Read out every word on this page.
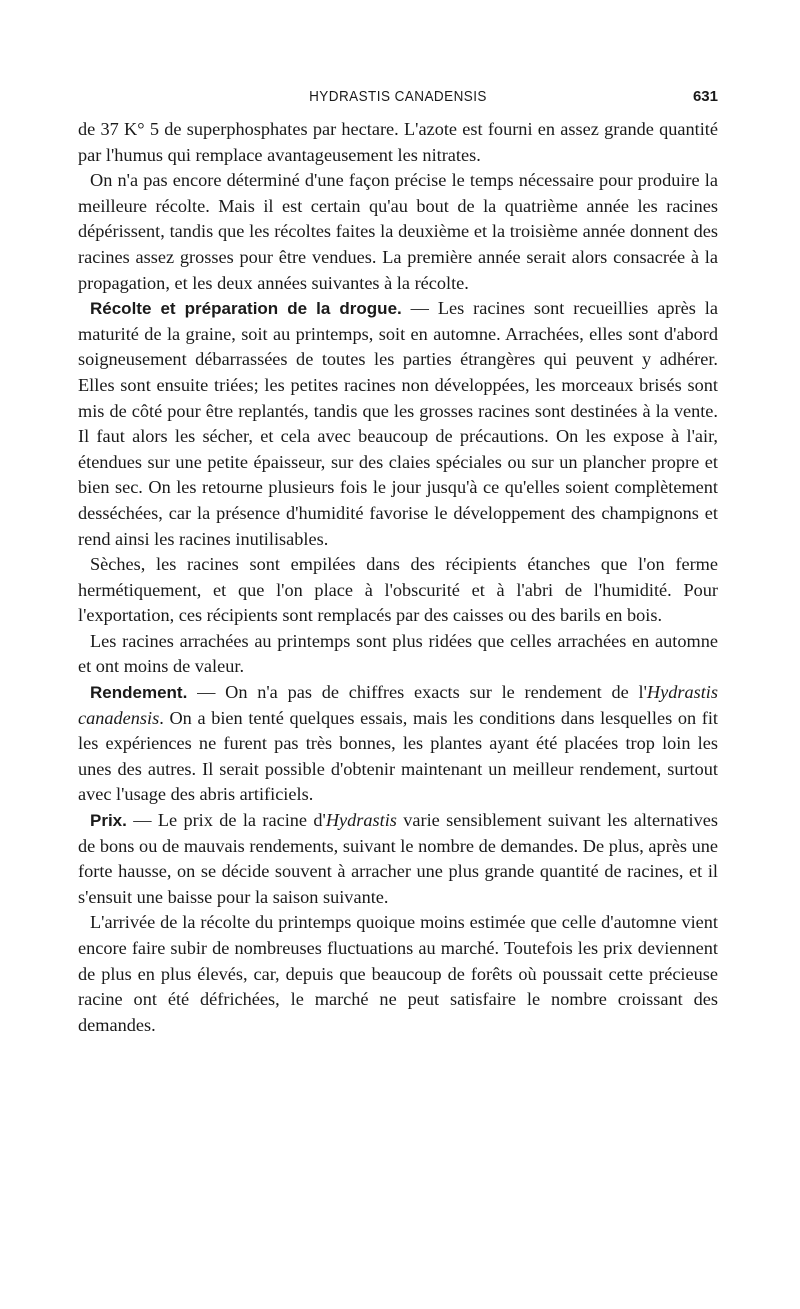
HYDRASTIS CANADENSIS	631

de 37 K° 5 de superphosphates par hectare. L'azote est fourni en assez grande quantité par l'humus qui remplace avantageusement les nitrates.

On n'a pas encore déterminé d'une façon précise le temps nécessaire pour produire la meilleure récolte. Mais il est certain qu'au bout de la quatrième année les racines dépérissent, tandis que les récoltes faites la deuxième et la troisième année donnent des racines assez grosses pour être vendues. La première année serait alors consacrée à la propagation, et les deux années suivantes à la récolte.

Récolte et préparation de la drogue. — Les racines sont recueillies après la maturité de la graine, soit au printemps, soit en automne. Arrachées, elles sont d'abord soigneusement débarrassées de toutes les parties étrangères qui peuvent y adhérer. Elles sont ensuite triées; les petites racines non développées, les morceaux brisés sont mis de côté pour être replantés, tandis que les grosses racines sont destinées à la vente. Il faut alors les sécher, et cela avec beaucoup de précautions. On les expose à l'air, étendues sur une petite épaisseur, sur des claies spéciales ou sur un plancher propre et bien sec. On les retourne plusieurs fois le jour jusqu'à ce qu'elles soient complètement desséchées, car la présence d'humidité favorise le développement des champignons et rend ainsi les racines inutilisables.

Sèches, les racines sont empilées dans des récipients étanches que l'on ferme hermétiquement, et que l'on place à l'obscurité et à l'abri de l'humidité. Pour l'exportation, ces récipients sont remplacés par des caisses ou des barils en bois.

Les racines arrachées au printemps sont plus ridées que celles arrachées en automne et ont moins de valeur.

Rendement. — On n'a pas de chiffres exacts sur le rendement de l'Hydrastis canadensis. On a bien tenté quelques essais, mais les conditions dans lesquelles on fit les expériences ne furent pas très bonnes, les plantes ayant été placées trop loin les unes des autres. Il serait possible d'obtenir maintenant un meilleur rendement, surtout avec l'usage des abris artificiels.

Prix. — Le prix de la racine d'Hydrastis varie sensiblement suivant les alternatives de bons ou de mauvais rendements, suivant le nombre de demandes. De plus, après une forte hausse, on se décide souvent à arracher une plus grande quantité de racines, et il s'ensuit une baisse pour la saison suivante.

L'arrivée de la récolte du printemps quoique moins estimée que celle d'automne vient encore faire subir de nombreuses fluctuations au marché. Toutefois les prix deviennent de plus en plus élevés, car, depuis que beaucoup de forêts où poussait cette précieuse racine ont été défrichées, le marché ne peut satisfaire le nombre croissant des demandes.
